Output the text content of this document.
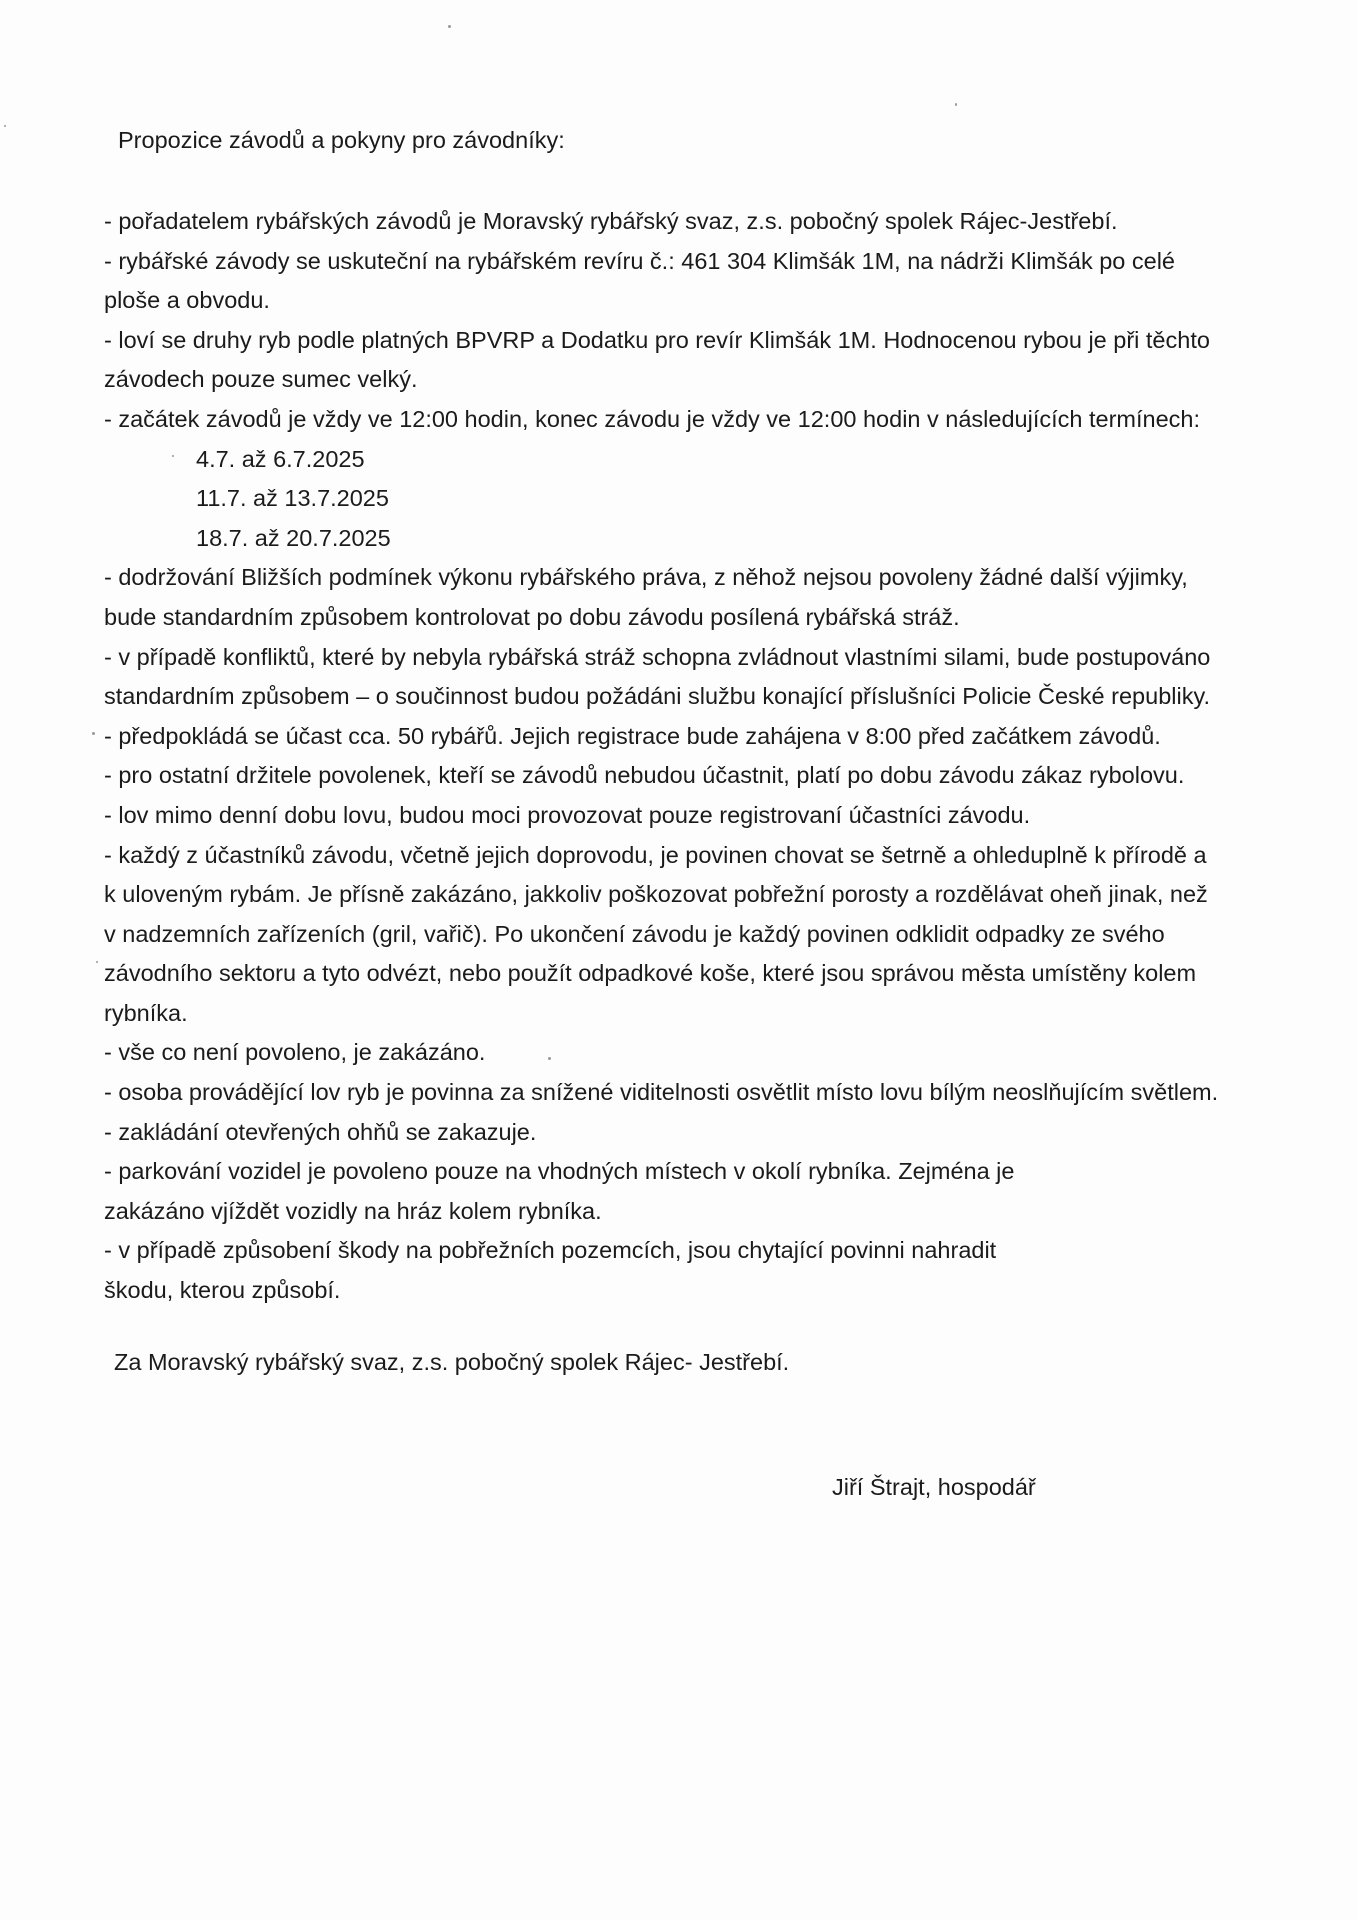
Propozice závodů a pokyny pro závodníky:
- pořadatelem rybářských závodů je Moravský rybářský svaz, z.s. pobočný spolek Rájec-Jestřebí.
- rybářské závody se uskuteční na rybářském revíru č.: 461 304 Klimšák 1M, na nádrži Klimšák po celé
ploše a obvodu.
- loví se druhy ryb podle platných BPVRP a Dodatku pro revír Klimšák 1M. Hodnocenou rybou je při těchto
závodech pouze sumec velký.
- začátek závodů je vždy ve 12:00 hodin, konec závodu je vždy ve 12:00 hodin v následujících termínech:
4.7. až 6.7.2025
11.7. až 13.7.2025
18.7. až 20.7.2025
- dodržování Bližších podmínek výkonu rybářského práva, z něhož nejsou povoleny žádné další výjimky,
bude standardním způsobem kontrolovat po dobu závodu posílená rybářská stráž.
- v případě konfliktů, které by nebyla rybářská stráž schopna zvládnout vlastními silami, bude postupováno
standardním způsobem – o součinnost budou požádáni službu konající příslušníci Policie České republiky.
- předpokládá se účast cca. 50 rybářů. Jejich registrace bude zahájena v 8:00 před začátkem závodů.
- pro ostatní držitele povolenek, kteří se závodů nebudou účastnit, platí po dobu závodu zákaz rybolovu.
- lov mimo denní dobu lovu, budou moci provozovat pouze registrovaní účastníci závodu.
- každý z účastníků závodu, včetně jejich doprovodu, je povinen chovat se šetrně a ohleduplně k přírodě a
k uloveným rybám. Je přísně zakázáno, jakkoliv poškozovat pobřežní porosty a rozdělávat oheň jinak, než
v nadzemních zařízeních (gril, vařič). Po ukončení závodu je každý povinen odklidit odpadky ze svého
závodního sektoru a tyto odvézt, nebo použít odpadkové koše, které jsou správou města umístěny kolem
rybníka.
- vše co není povoleno, je zakázáno.
- osoba provádějící lov ryb je povinna za snížené viditelnosti osvětlit místo lovu bílým neoslňujícím světlem.
- zakládání otevřených ohňů se zakazuje.
- parkování vozidel je povoleno pouze na vhodných místech v okolí rybníka. Zejména je
zakázáno vjíždět vozidly na hráz kolem rybníka.
- v případě způsobení škody na pobřežních pozemcích, jsou chytající povinni nahradit
škodu, kterou způsobí.
Za Moravský rybářský svaz, z.s. pobočný spolek Rájec- Jestřebí.
Jiří Štrajt, hospodář
